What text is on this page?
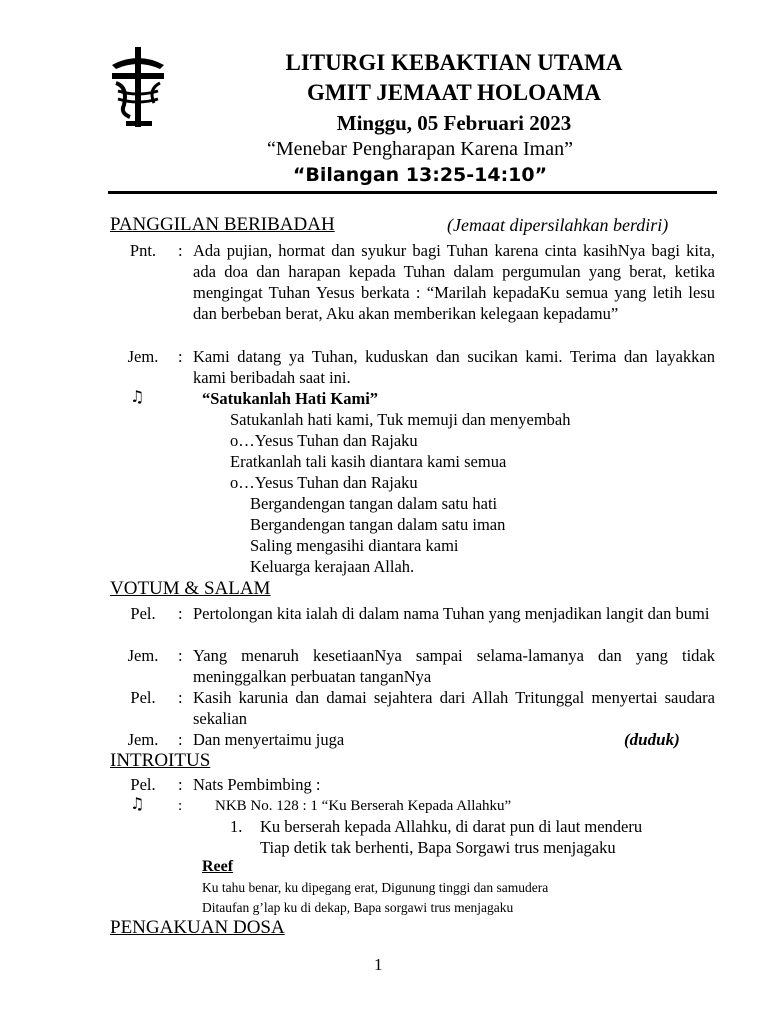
LITURGI KEBAKTIAN UTAMA
GMIT JEMAAT HOLOAMA
Minggu, 05 Februari 2023
“Menebar Pengharapan Karena Iman”
“Bilangan 13:25-14:10”
PANGGILAN BERIBADAH	(Jemaat dipersilahkan berdiri)
Pnt.	: Ada pujian, hormat dan syukur bagi Tuhan karena cinta kasihNya bagi kita, ada doa dan harapan kepada Tuhan dalam pergumulan yang berat, ketika mengingat Tuhan Yesus berkata : “Marilah kepadaKu semua yang letih lesu dan berbeban berat, Aku akan memberikan kelegaan kepadamu”
Jem.	: Kami datang ya Tuhan, kuduskan dan sucikan kami. Terima dan layakkan kami beribadah saat ini.
♫	“Satukanlah Hati Kami”
Satukanlah hati kami, Tuk memuji dan menyembah
o…Yesus Tuhan dan Rajaku
Eratkanlah tali kasih diantara kami semua
o…Yesus Tuhan dan Rajaku
Bergandengan tangan dalam satu hati
Bergandengan tangan dalam satu iman
Saling mengasihi diantara kami
Keluarga kerajaan Allah.
VOTUM & SALAM
Pel.	: Pertolongan kita ialah di dalam nama Tuhan yang menjadikan langit dan bumi
Jem.	: Yang menaruh kesetiaanNya sampai selama-lamanya dan yang tidak meninggalkan perbuatan tanganNya
Pel.	: Kasih karunia dan damai sejahtera dari Allah Tritunggal menyertai saudara sekalian
Jem.	: Dan menyertaimu juga	(duduk)
INTROITUS
Pel.	: Nats Pembimbing :
♫ : NKB No. 128 : 1 “Ku Berserah Kepada Allahku”
1. Ku berserah kepada Allahku, di darat pun di laut menderu
Tiap detik tak berhenti, Bapa Sorgawi trus menjagaku
Reef
Ku tahu benar, ku dipegang erat, Digunung tinggi dan samudera
Ditaufan g’lap ku di dekap, Bapa sorgawi trus menjagaku
PENGAKUAN DOSA
1
